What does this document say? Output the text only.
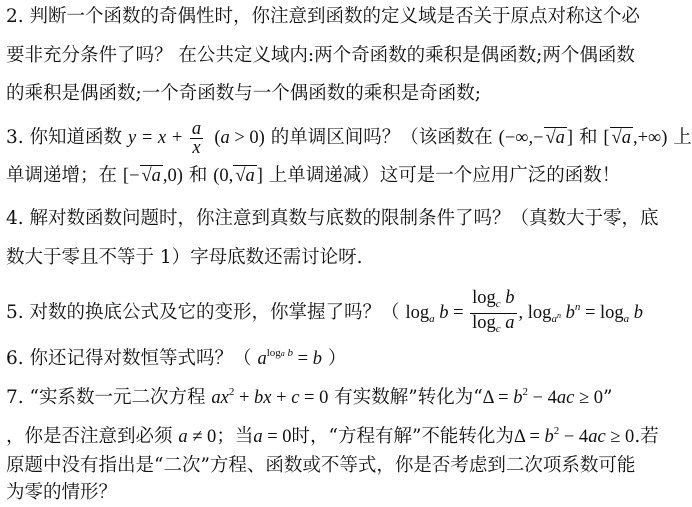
2. 判断一个函数的奇偶性时，你注意到函数的定义域是否关于原点对称这个必
要非充分条件了吗？ 在公共定义域内:两个奇函数的乘积是偶函数;两个偶函数
的乘积是偶函数;一个奇函数与一个偶函数的乘积是奇函数;
3. 你知道函数 $y = x + \frac{a}{x} (a > 0)$ 的单调区间吗？（该函数在 (−∞,− √a ] 和 [ √a ,+∞) 上
单调递增；在 [− √a ,0) 和 (0, √a ] 上单调递减）这可是一个应用广泛的函数！
4. 解对数函数问题时，你注意到真数与底数的限制条件了吗？（真数大于零，底
数大于零且不等于 1）字母底数还需讨论呀.
5. 对数的换底公式及它的变形，你掌握了吗？（ $\log_a b = \frac{\log_c b}{\log_c a}$ , $\log_{a^n} b^n = \log_a b$
6. 你还记得对数恒等式吗？（ $a^{loga b} = b$ ）
7. “实系数一元二次方程 $ax^2$ + bx + c = 0 有实数解”转化为“$\Delta = b^2 - 4ac \ge 0$”
，你是否注意到必须 a ≠ 0；当a = 0时，“方程有解”不能转化为$\Delta = b^2 - 4ac \ge 0$.若
原题中没有指出是“二次”方程、函数或不等式，你是否考虑到二次项系数可能
为零的情形？
